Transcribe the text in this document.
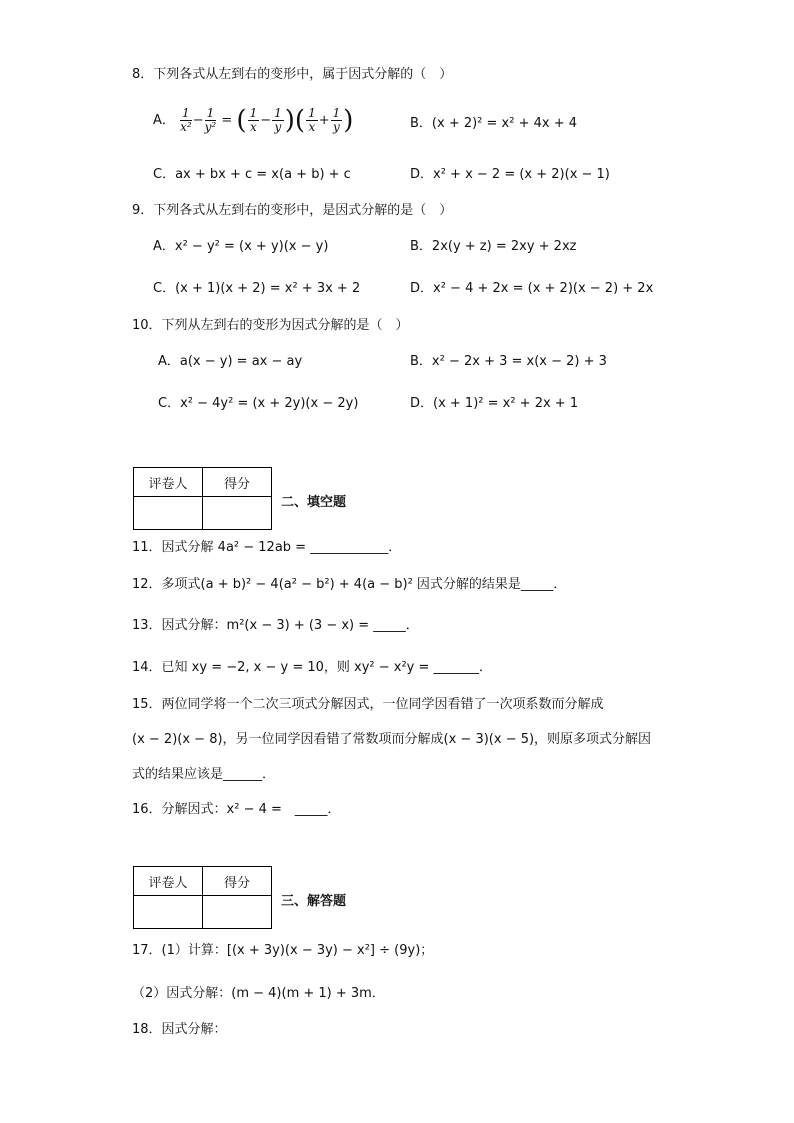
8．下列各式从左到右的变形中，属于因式分解的（　）
A． $\frac{1}{\text{x²}} - \frac{1}{\text{y²}}$ = ( $\frac{1}{x} - \frac{1}{y}$ )( $\frac{1}{x} + \frac{1}{y}$ )	B．(x + 2)² = x² + 4x + 4
C．ax + bx + c = x(a + b) + c	D．x² + x − 2 = (x + 2)(x − 1)
9．下列各式从左到右的变形中，是因式分解的是（　）
A．x² − y² = (x + y)(x − y)	B．2x(y + z) = 2xy + 2xz
C．(x + 1)(x + 2) = x² + 3x + 2	D．x² − 4 + 2x = (x + 2)(x − 2) + 2x
10．下列从左到右的变形为因式分解的是（　）
A．a(x − y) = ax − ay	B．x² − 2x + 3 = x(x − 2) + 3
C．x² − 4y² = (x + 2y)(x − 2y)	D．(x + 1)² = x² + 2x + 1
评卷人	得分

二、填空题
11．因式分解 4a² − 12ab = ____________．
12．多项式(a + b)² − 4(a² − b²) + 4(a − b)² 因式分解的结果是_____．
13．因式分解：m²(x − 3) + (3 − x) = _____．
14．已知 xy = −2, x − y = 10，则 xy² − x²y = _______．
15．两位同学将一个二次三项式分解因式，一位同学因看错了一次项系数而分解成
(x − 2)(x − 8)，另一位同学因看错了常数项而分解成(x − 3)(x − 5)，则原多项式分解因
式的结果应该是______．
16．分解因式：x² − 4 =　_____．
评卷人	得分

三、解答题
17．(1）计算：[(x + 3y)(x − 3y) − x²] ÷ (9y)；
（2）因式分解：(m − 4)(m + 1) + 3m．
18．因式分解：
